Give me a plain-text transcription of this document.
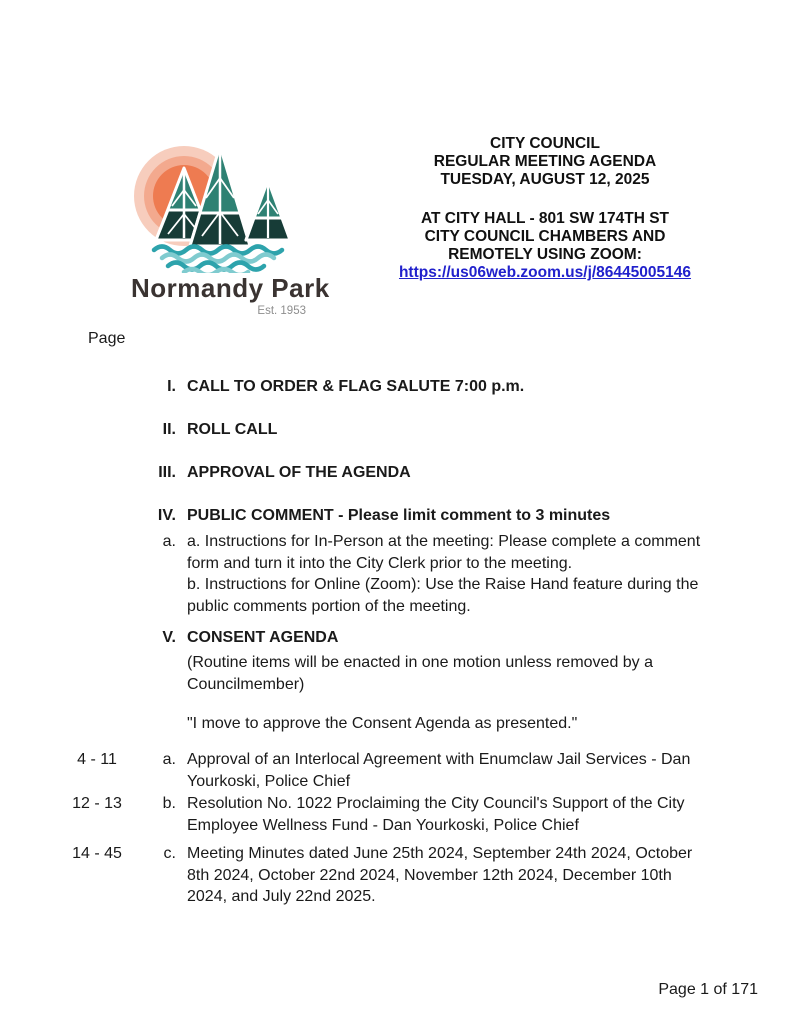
Normandy Park
Est. 1953
CITY COUNCIL
REGULAR MEETING AGENDA
TUESDAY, AUGUST 12, 2025
AT CITY HALL - 801 SW 174TH ST
CITY COUNCIL CHAMBERS AND
REMOTELY USING ZOOM:
https://us06web.zoom.us/j/86445005146
Page
I. CALL TO ORDER & FLAG SALUTE 7:00 p.m.
II. ROLL CALL
III. APPROVAL OF THE AGENDA
IV. PUBLIC COMMENT - Please limit comment to 3 minutes
a. a. Instructions for In-Person at the meeting: Please complete a comment form and turn it into the City Clerk prior to the meeting.
b. Instructions for Online (Zoom): Use the Raise Hand feature during the public comments portion of the meeting.
V. CONSENT AGENDA
(Routine items will be enacted in one motion unless removed by a Councilmember)
"I move to approve the Consent Agenda as presented."
4 - 11	a. Approval of an Interlocal Agreement with Enumclaw Jail Services - Dan Yourkoski, Police Chief
12 - 13	b. Resolution No. 1022 Proclaiming the City Council's Support of the City Employee Wellness Fund - Dan Yourkoski, Police Chief
14 - 45	c. Meeting Minutes dated June 25th 2024, September 24th 2024, October 8th 2024, October 22nd 2024, November 12th 2024, December 10th 2024, and July 22nd 2025.
Page 1 of 171
